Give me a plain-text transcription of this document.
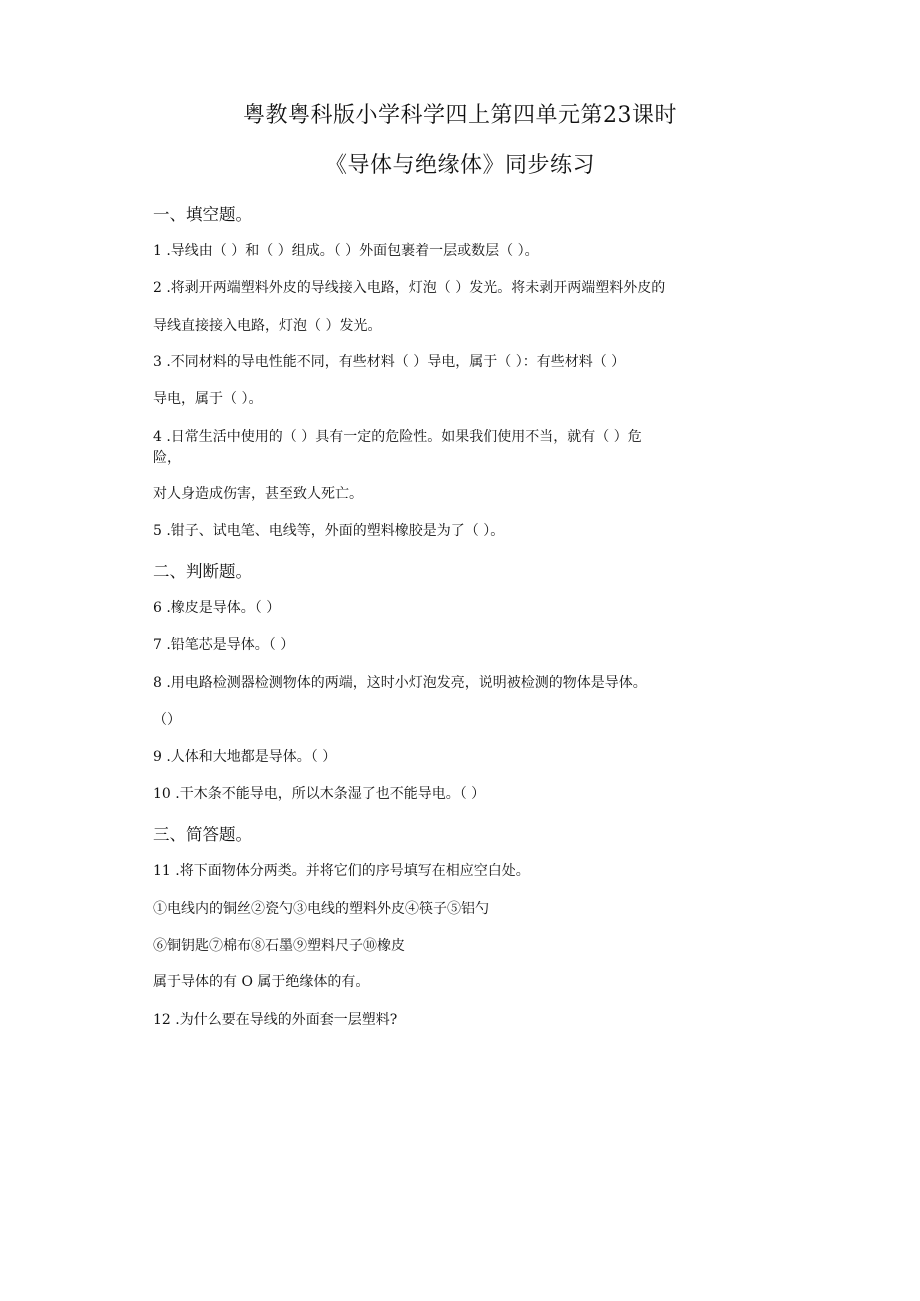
粤教粤科版小学科学四上第四单元第23课时
《导体与绝缘体》同步练习
一、填空题。
1 .导线由（ ）和（ ）组成。（ ）外面包裹着一层或数层（ ）。
2 .将剥开两端塑料外皮的导线接入电路，灯泡（ ）发光。将未剥开两端塑料外皮的
导线直接接入电路，灯泡（ ）发光。
3 .不同材料的导电性能不同，有些材料（ ）导电，属于（ ）：有些材料（ ）
导电，属于（ ）。
4 .日常生活中使用的（ ）具有一定的危险性。如果我们使用不当，就有（ ）危
险，
对人身造成伤害，甚至致人死亡。
5 .钳子、试电笔、电线等，外面的塑料橡胶是为了（ ）。
二、判断题。
6 .橡皮是导体。（ ）
7 .铅笔芯是导体。（ ）
8 .用电路检测器检测物体的两端，这时小灯泡发亮，说明被检测的物体是导体。
（）
9 .人体和大地都是导体。（ ）
10 .干木条不能导电，所以木条湿了也不能导电。（ ）
三、简答题。
11 .将下面物体分两类。并将它们的序号填写在相应空白处。
①电线内的铜丝②瓷勺③电线的塑料外皮④筷子⑤铝勺
⑥铜钥匙⑦棉布⑧石墨⑨塑料尺子⑩橡皮
属于导体的有 O 属于绝缘体的有。
12 .为什么要在导线的外面套一层塑料?
